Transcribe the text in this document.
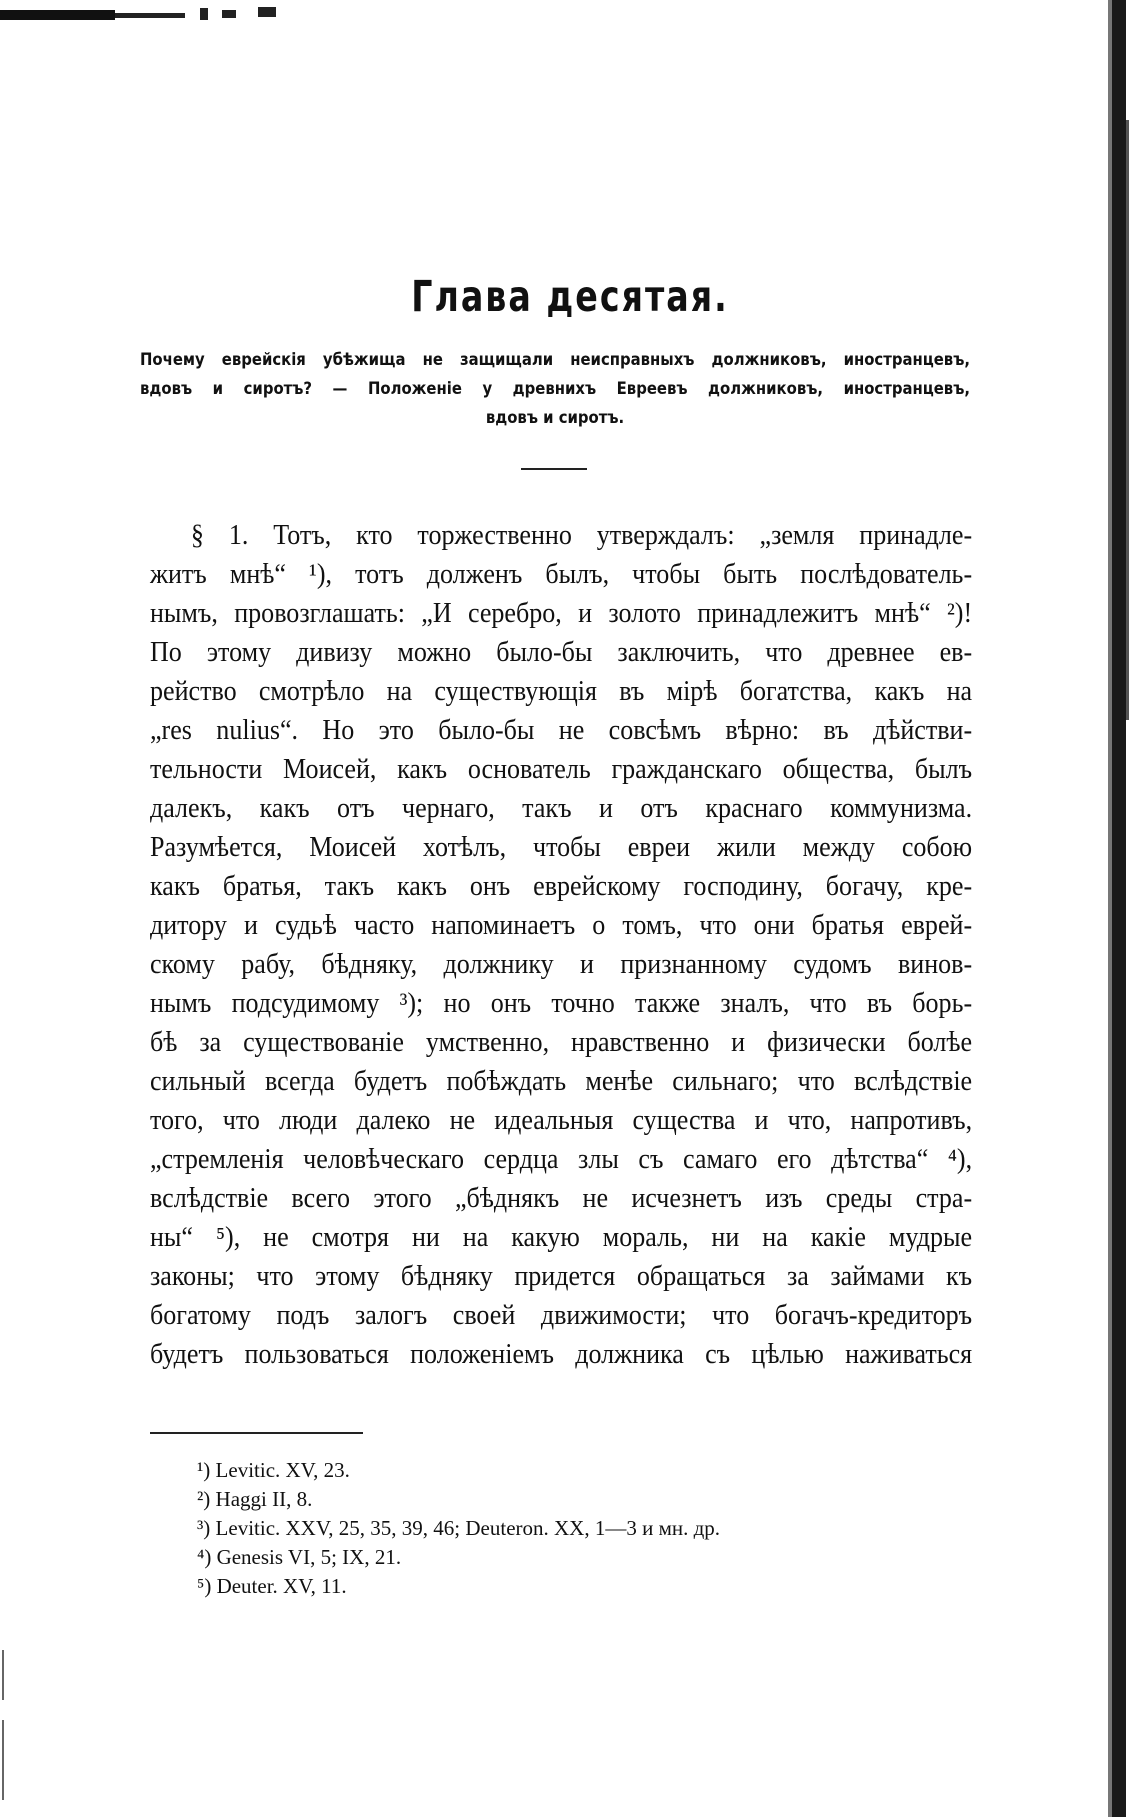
Глава десятая.
Почему еврейскія убѣжища не защищали неисправныхъ должниковъ, иностранцевъ,
вдовъ и сиротъ? — Положеніе у древнихъ Евреевъ должниковъ, иностранцевъ,
вдовъ и сиротъ.
§ 1. Тотъ, кто торжественно утверждалъ: „земля принадле-
житъ мнѣ“ ¹), тотъ долженъ былъ, чтобы быть послѣдователь-
нымъ, провозглашать: „И серебро, и золото принадлежитъ мнѣ“ ²)!
По этому дивизу можно было-бы заключить, что древнее ев-
рейство смотрѣло на существующія въ мірѣ богатства, какъ на
„res nulius“. Но это было-бы не совсѣмъ вѣрно: въ дѣйстви-
тельности Моисей, какъ основатель гражданскаго общества, былъ
далекъ, какъ отъ чернаго, такъ и отъ краснаго коммунизма.
Разумѣется, Моисей хотѣлъ, чтобы евреи жили между собою
какъ братья, такъ какъ онъ еврейскому господину, богачу, кре-
дитору и судьѣ часто напоминаетъ о томъ, что они братья еврей-
скому рабу, бѣдняку, должнику и признанному судомъ винов-
нымъ подсудимому ³); но онъ точно также зналъ, что въ борь-
бѣ за существованіе умственно, нравственно и физически болѣе
сильный всегда будетъ побѣждать менѣе сильнаго; что вслѣдствіе
того, что люди далеко не идеальныя существа и что, напротивъ,
„стремленія человѣческаго сердца злы съ самаго его дѣтства“ ⁴),
вслѣдствіе всего этого „бѣднякъ не исчезнетъ изъ среды стра-
ны“ ⁵), не смотря ни на какую мораль, ни на какіе мудрые
законы; что этому бѣдняку придется обращаться за займами къ
богатому подъ залогъ своей движимости; что богачъ-кредиторъ
будетъ пользоваться положеніемъ должника съ цѣлью наживаться
¹) Levitic. XV, 23.
²) Haggi II, 8.
³) Levitic. XXV, 25, 35, 39, 46; Deuteron. XX, 1—3 и мн. др.
⁴) Genesis VI, 5; IX, 21.
⁵) Deuter. XV, 11.
